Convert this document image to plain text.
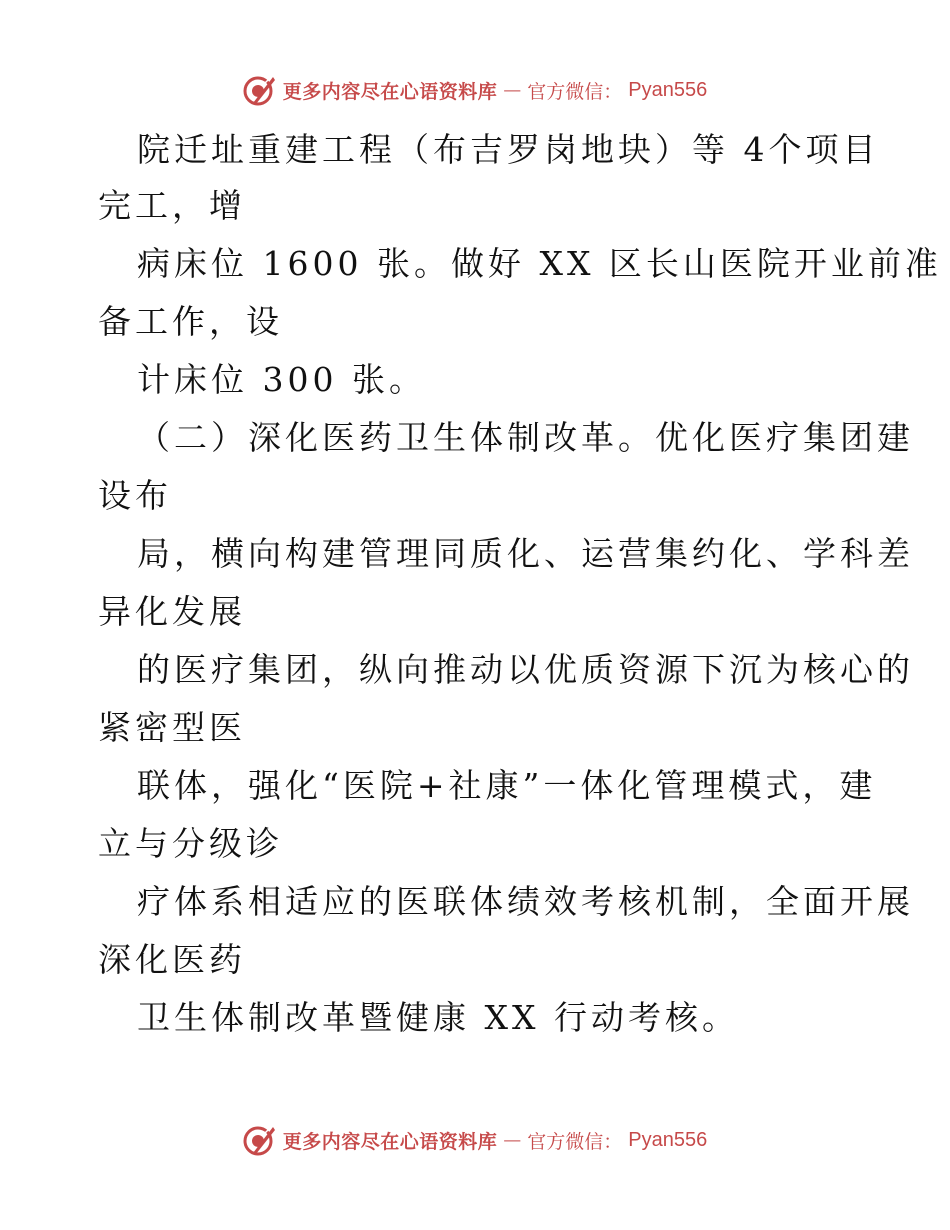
更多内容尽在心语资料库 — 官方微信： Pyan556
院迁址重建工程（布吉罗岗地块）等 4个项目
完工，增
病床位 1600 张。做好 XX 区长山医院开业前准
备工作，设
计床位 300 张。
（二）深化医药卫生体制改革。优化医疗集团建
设布
局，横向构建管理同质化、运营集约化、学科差
异化发展
的医疗集团，纵向推动以优质资源下沉为核心的
紧密型医
联体，强化“医院+社康”一体化管理模式，建
立与分级诊
疗体系相适应的医联体绩效考核机制，全面开展
深化医药
卫生体制改革暨健康 XX 行动考核。
更多内容尽在心语资料库 — 官方微信： Pyan556
